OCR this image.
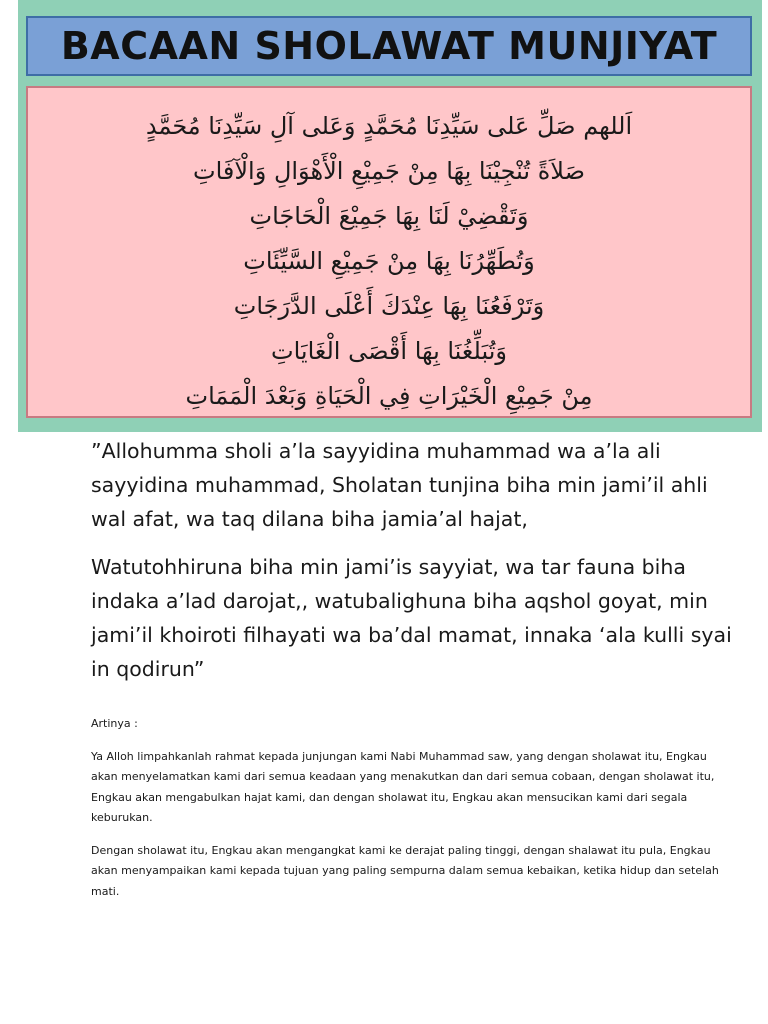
BACAAN SHOLAWAT MUNJIYAT
اَللهم صَلِّ عَلى سَيِّدِنَا مُحَمَّدٍ وَعَلى آلِ سَيِّدِنَا مُحَمَّدٍ
صَلاَةً تُنْجِيْنَا بِهَا مِنْ جَمِيْعِ الْأَهْوَالِ وَالْآفَاتِ
وَتَقْضِيْ لَنَا بِهَا جَمِيْعَ الْحَاجَاتِ
وَتُطَهِّرُنَا بِهَا مِنْ جَمِيْعِ السَّيِّئَاتِ
وَتَرْفَعُنَا بِهَا عِنْدَكَ أَعْلَى الدَّرَجَاتِ
وَتُبَلِّغُنَا بِهَا أَقْصَى الْغَايَاتِ
مِنْ جَمِيْعِ الْخَيْرَاتِ فِي الْحَيَاةِ وَبَعْدَ الْمَمَاتِ

”Allohumma sholi a’la sayyidina muhammad wa a’la ali sayyidina muhammad, Sholatan tunjina biha min jami’il ahli wal afat, wa taq dilana biha jamia’al hajat,

Watutohhiruna biha min jami’is sayyiat, wa tar fauna biha indaka a’lad darojat,, watubalighuna biha aqshol goyat, min jami’il khoiroti filhayati wa ba’dal mamat, innaka ‘ala kulli syai in qodirun”

Artinya :

Ya Alloh limpahkanlah rahmat kepada junjungan kami Nabi Muhammad saw, yang dengan sholawat itu, Engkau akan menyelamatkan kami dari semua keadaan yang menakutkan dan dari semua cobaan, dengan sholawat itu, Engkau akan mengabulkan hajat kami, dan dengan sholawat itu, Engkau akan mensucikan kami dari segala keburukan.

Dengan sholawat itu, Engkau akan mengangkat kami ke derajat paling tinggi, dengan shalawat itu pula, Engkau akan menyampaikan kami kepada tujuan yang paling sempurna dalam semua kebaikan, ketika hidup dan setelah mati.
